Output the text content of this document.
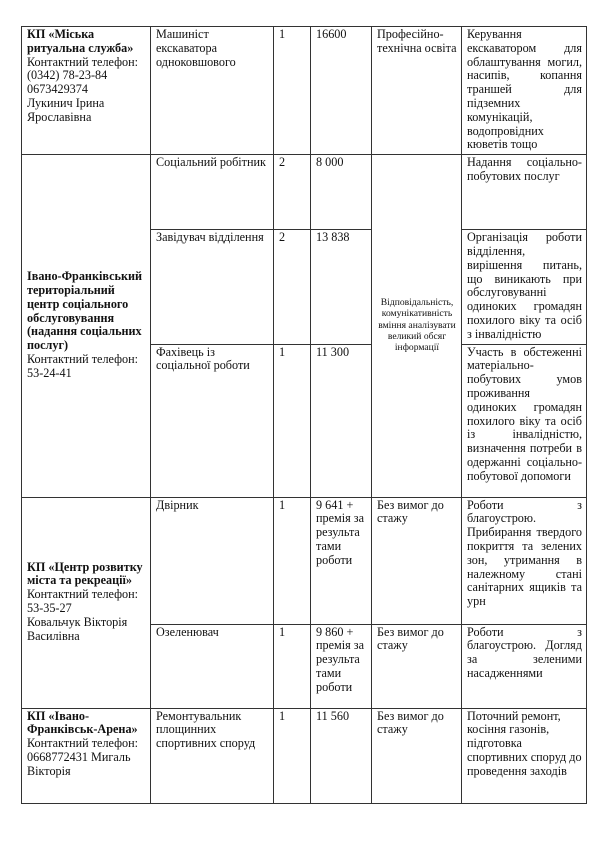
КП «Міська ритуальна служба»
Контактний телефон:
(0342) 78-23-84 0673429374
Лукинич Ірина Ярославівна	Машиніст екскаватора одноковшового	1	16600	Професійно-технічна освіта	Керування екскаватором для облаштування могил, насипів, копання траншей для підземних комунікацій, водопровідних кюветів тощо

Івано-Франківський територіальний центр соціального обслуговування (надання соціальних послуг)
Контактний телефон:
53-24-41	Соціальний робітник	2	8 000	Відповідальність, комунікативність вміння аналізувати великий обсяг інформації	Надання соціально-побутових послуг
	Завідувач відділення	2	13 838		Організація роботи відділення, вирішення питань, що виникають при обслуговуванні одиноких громадян похилого віку та осіб з інвалідністю
	Фахівець із соціальної роботи	1	11 300		Участь в обстеженні матеріально-побутових умов проживання одиноких громадян похилого віку та осіб із інвалідністю, визначення потреби в одержанні соціально-побутової допомоги

КП «Центр розвитку міста та рекреації»
Контактний телефон:
53-35-27
Ковальчук Вікторія Василівна	Двірник	1	9 641 + премія за результа тами роботи	Без вимог до стажу	Роботи з благоустрою. Прибирання твердого покриття та зелених зон, утримання в належному стані санітарних ящиків та урн
	Озеленювач	1	9 860 + премія за результа тами роботи	Без вимог до стажу	Роботи з благоустрою. Догляд за зеленими насадженнями

КП «Івано-Франківськ-Арена»
Контактний телефон:
0668772431 Мигаль Вікторія	Ремонтувальник площинних спортивних споруд	1	11 560	Без вимог до стажу	Поточний ремонт, косіння газонів, підготовка спортивних споруд до проведення заходів
